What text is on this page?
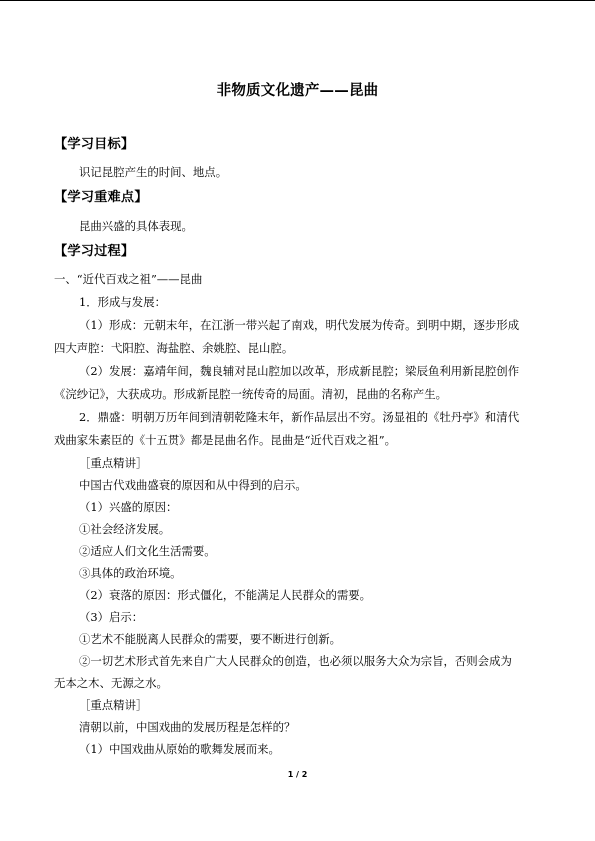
非物质文化遗产——昆曲
【学习目标】
识记昆腔产生的时间、地点。
【学习重难点】
昆曲兴盛的具体表现。
【学习过程】
一、“近代百戏之祖”——昆曲
1．形成与发展：
（1）形成：元朝末年，在江浙一带兴起了南戏，明代发展为传奇。到明中期，逐步形成
四大声腔：弋阳腔、海盐腔、余姚腔、昆山腔。
（2）发展：嘉靖年间，魏良辅对昆山腔加以改革，形成新昆腔；梁辰鱼利用新昆腔创作
《浣纱记》，大获成功。形成新昆腔一统传奇的局面。清初，昆曲的名称产生。
2．鼎盛：明朝万历年间到清朝乾隆末年，新作品层出不穷。汤显祖的《牡丹亭》和清代
戏曲家朱素臣的《十五贯》都是昆曲名作。昆曲是“近代百戏之祖”。
［重点精讲］
中国古代戏曲盛衰的原因和从中得到的启示。
（1）兴盛的原因：
①社会经济发展。
②适应人们文化生活需要。
③具体的政治环境。
（2）衰落的原因：形式僵化，不能满足人民群众的需要。
（3）启示：
①艺术不能脱离人民群众的需要，要不断进行创新。
②一切艺术形式首先来自广大人民群众的创造，也必须以服务大众为宗旨，否则会成为
无本之木、无源之水。
［重点精讲］
清朝以前，中国戏曲的发展历程是怎样的？
（1）中国戏曲从原始的歌舞发展而来。
1 / 2
